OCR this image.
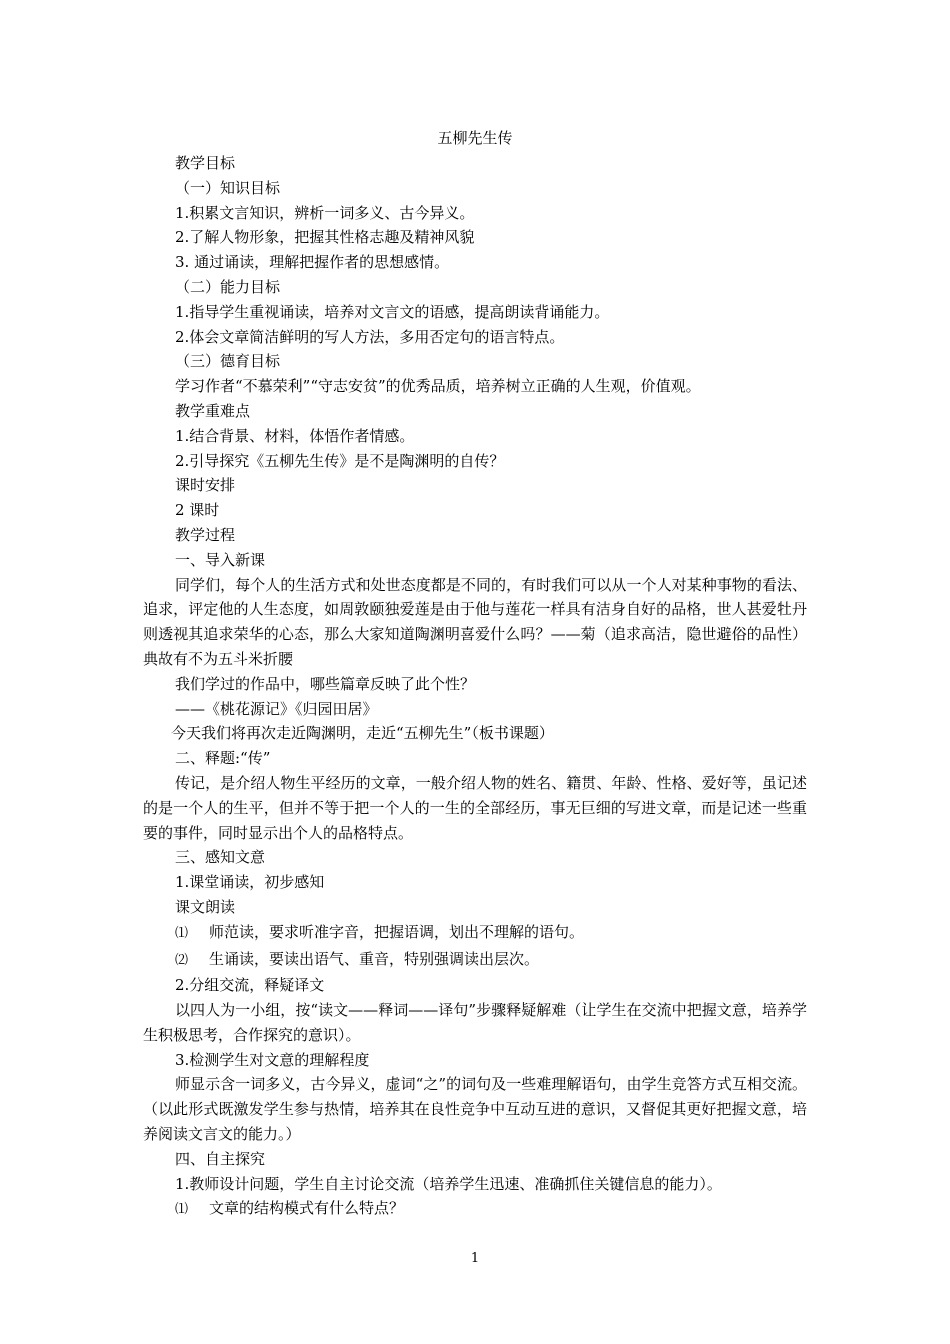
五柳先生传

教学目标

（一）知识目标

1.积累文言知识，辨析一词多义、古今异义。

2.了解人物形象，把握其性格志趣及精神风貌

3. 通过诵读，理解把握作者的思想感情。

（二）能力目标

1.指导学生重视诵读，培养对文言文的语感，提高朗读背诵能力。

2.体会文章简洁鲜明的写人方法，多用否定句的语言特点。

（三）德育目标

学习作者“不慕荣利”“守志安贫”的优秀品质，培养树立正确的人生观，价值观。

教学重难点

1.结合背景、材料，体悟作者情感。

2.引导探究《五柳先生传》是不是陶渊明的自传？

课时安排

2 课时

教学过程

一、导入新课

同学们，每个人的生活方式和处世态度都是不同的，有时我们可以从一个人对某种事物的看法、追求，评定他的人生态度，如周敦颐独爱莲是由于他与莲花一样具有洁身自好的品格，世人甚爱牡丹则透视其追求荣华的心态，那么大家知道陶渊明喜爱什么吗？——菊（追求高洁，隐世避俗的品性）典故有不为五斗米折腰

我们学过的作品中，哪些篇章反映了此个性？

——《桃花源记》《归园田居》

今天我们将再次走近陶渊明，走近“五柳先生”（板书课题）

二、释题:“传”

传记，是介绍人物生平经历的文章，一般介绍人物的姓名、籍贯、年龄、性格、爱好等，虽记述的是一个人的生平，但并不等于把一个人的一生的全部经历，事无巨细的写进文章，而是记述一些重要的事件，同时显示出个人的品格特点。

三、感知文意

1.课堂诵读，初步感知

课文朗读

⑴ 师范读，要求听准字音，把握语调，划出不理解的语句。

⑵ 生诵读，要读出语气、重音，特别强调读出层次。

2.分组交流，释疑译文

以四人为一小组，按“读文——释词——译句”步骤释疑解难（让学生在交流中把握文意，培养学生积极思考，合作探究的意识）。

3.检测学生对文意的理解程度

师显示含一词多义，古今异义，虚词“之”的词句及一些难理解语句，由学生竞答方式互相交流。（以此形式既激发学生参与热情，培养其在良性竞争中互动互进的意识，又督促其更好把握文意，培养阅读文言文的能力。）

四、自主探究

1.教师设计问题，学生自主讨论交流（培养学生迅速、准确抓住关键信息的能力）。

⑴ 文章的结构模式有什么特点？

1
